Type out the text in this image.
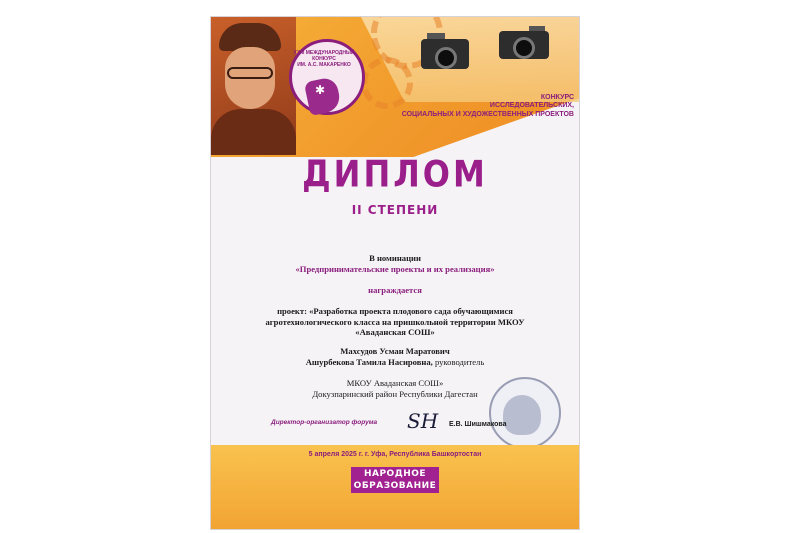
XXIII МЕЖДУНАРОДНЫЙ
КОНКУРС
ИМ. А.С. МАКАРЕНКО
✱
КОНКУРС
ИССЛЕДОВАТЕЛЬСКИХ,
СОЦИАЛЬНЫХ И ХУДОЖЕСТВЕННЫХ ПРОЕКТОВ
ДИПЛОМ
II СТЕПЕНИ
В номинации
«Предпринимательские проекты и их реализация»
награждается
проект: «Разработка проекта плодового сада обучающимися
агротехнологического класса на пришкольной территории МКОУ
«Аваданская СОШ»
Махсудов Усман Маратович
Ашурбекова Тамила Насировна, руководитель
МКОУ Аваданская СОШ»
Докузпаринский район Республики Дагестан
Директор-организатор форума SH Е.В. Шишмакова
5 апреля 2025 г. г. Уфа, Республика Башкортостан
НАРОДНОЕ
ОБРАЗОВАНИЕ
